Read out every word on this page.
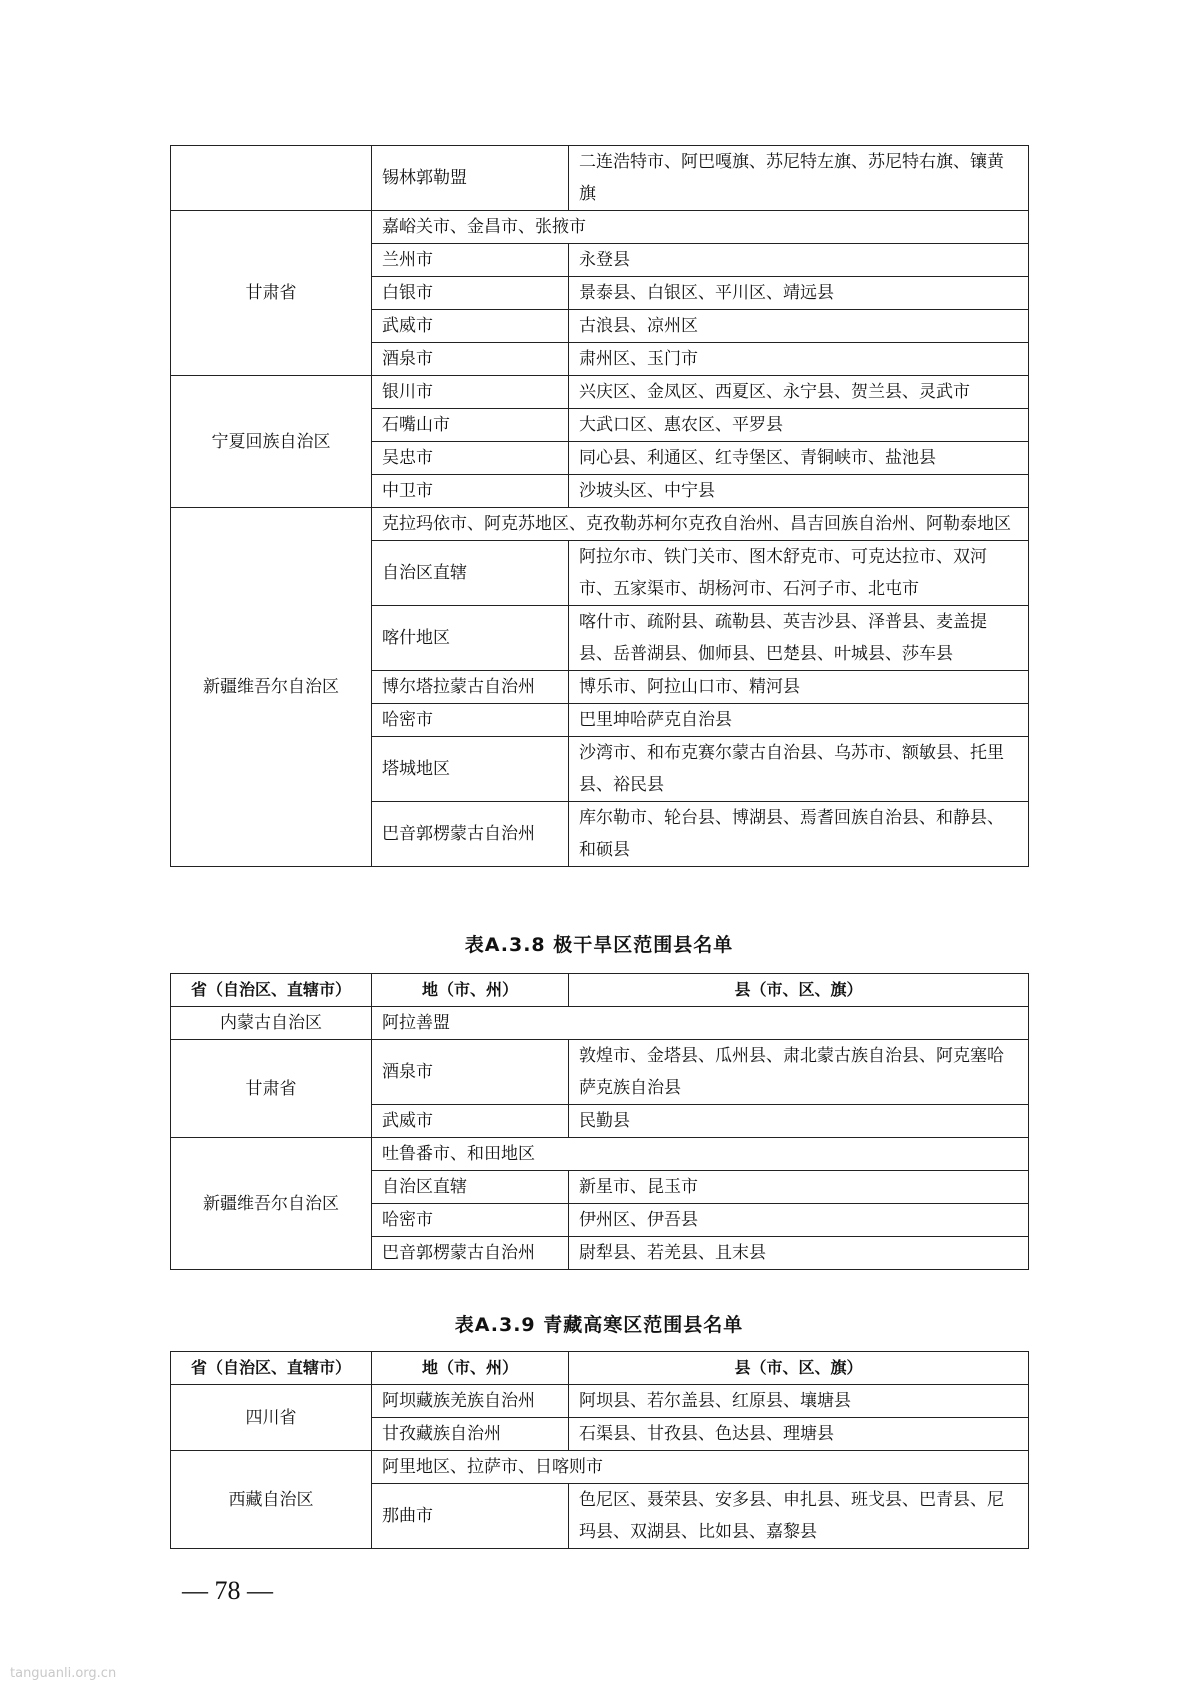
	锡林郭勒盟	二连浩特市、阿巴嘎旗、苏尼特左旗、苏尼特右旗、镶黄旗
甘肃省	嘉峪关市、金昌市、张掖市	
	兰州市	永登县
	白银市	景泰县、白银区、平川区、靖远县
	武威市	古浪县、凉州区
	酒泉市	肃州区、玉门市
宁夏回族自治区	银川市	兴庆区、金凤区、西夏区、永宁县、贺兰县、灵武市
	石嘴山市	大武口区、惠农区、平罗县
	吴忠市	同心县、利通区、红寺堡区、青铜峡市、盐池县
	中卫市	沙坡头区、中宁县
新疆维吾尔自治区	克拉玛依市、阿克苏地区、克孜勒苏柯尔克孜自治州、昌吉回族自治州、阿勒泰地区	
	自治区直辖	阿拉尔市、铁门关市、图木舒克市、可克达拉市、双河市、五家渠市、胡杨河市、石河子市、北屯市
	喀什地区	喀什市、疏附县、疏勒县、英吉沙县、泽普县、麦盖提县、岳普湖县、伽师县、巴楚县、叶城县、莎车县
	博尔塔拉蒙古自治州	博乐市、阿拉山口市、精河县
	哈密市	巴里坤哈萨克自治县
	塔城地区	沙湾市、和布克赛尔蒙古自治县、乌苏市、额敏县、托里县、裕民县
	巴音郭楞蒙古自治州	库尔勒市、轮台县、博湖县、焉耆回族自治县、和静县、和硕县
表A.3.8 极干旱区范围县名单
省（自治区、直辖市）	地（市、州）	县（市、区、旗）
内蒙古自治区	阿拉善盟	
甘肃省	酒泉市	敦煌市、金塔县、瓜州县、肃北蒙古族自治县、阿克塞哈萨克族自治县
	武威市	民勤县
新疆维吾尔自治区	吐鲁番市、和田地区	
	自治区直辖	新星市、昆玉市
	哈密市	伊州区、伊吾县
	巴音郭楞蒙古自治州	尉犁县、若羌县、且末县
表A.3.9 青藏高寒区范围县名单
省（自治区、直辖市）	地（市、州）	县（市、区、旗）
四川省	阿坝藏族羌族自治州	阿坝县、若尔盖县、红原县、壤塘县
	甘孜藏族自治州	石渠县、甘孜县、色达县、理塘县
西藏自治区	阿里地区、拉萨市、日喀则市	
	那曲市	色尼区、聂荣县、安多县、申扎县、班戈县、巴青县、尼玛县、双湖县、比如县、嘉黎县
— 78 —
tanguanli.org.cn
